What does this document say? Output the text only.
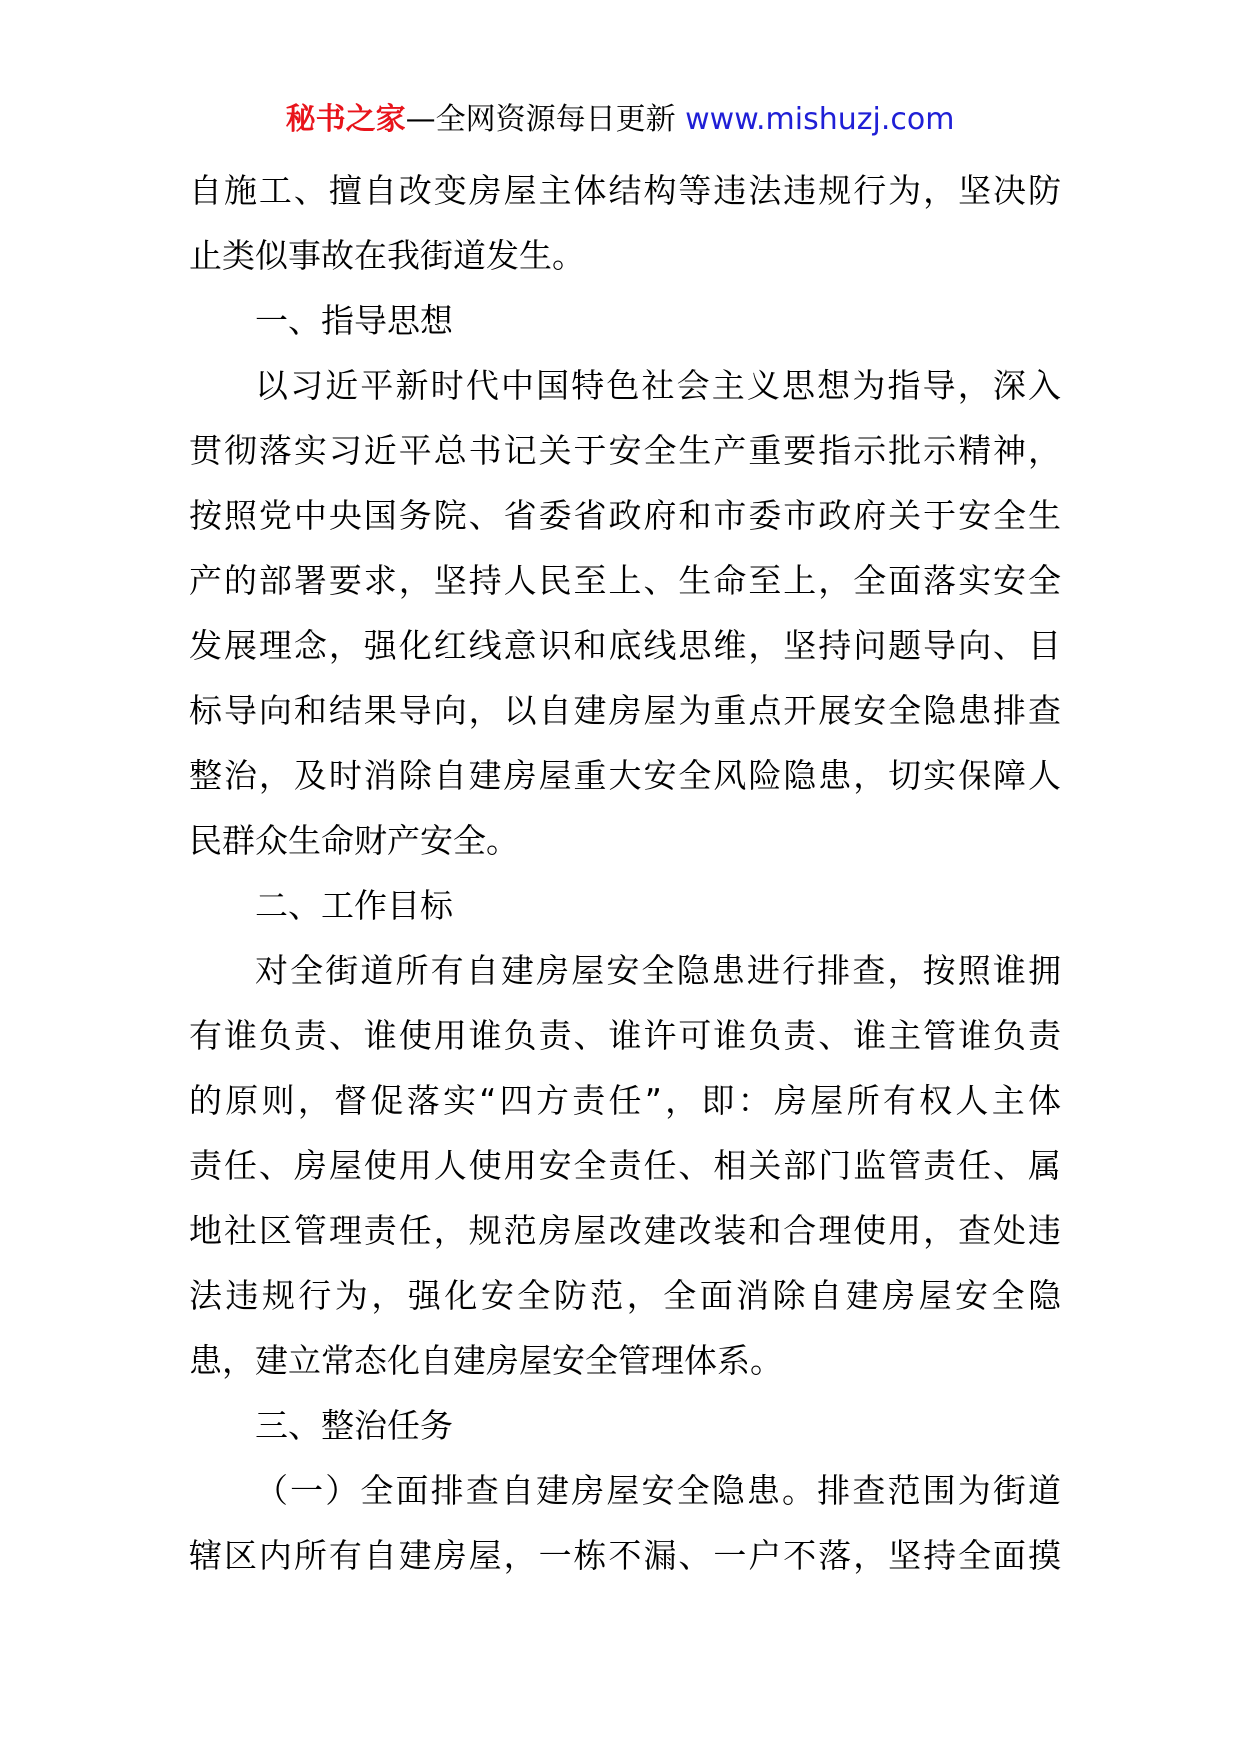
秘书之家—全网资源每日更新 www.mishuzj.com
自施工、擅自改变房屋主体结构等违法违规行为，坚决防
止类似事故在我街道发生。
一、指导思想
以习近平新时代中国特色社会主义思想为指导，深入
贯彻落实习近平总书记关于安全生产重要指示批示精神，
按照党中央国务院、省委省政府和市委市政府关于安全生
产的部署要求，坚持人民至上、生命至上，全面落实安全
发展理念，强化红线意识和底线思维，坚持问题导向、目
标导向和结果导向，以自建房屋为重点开展安全隐患排查
整治，及时消除自建房屋重大安全风险隐患，切实保障人
民群众生命财产安全。
二、工作目标
对全街道所有自建房屋安全隐患进行排查，按照谁拥
有谁负责、谁使用谁负责、谁许可谁负责、谁主管谁负责
的原则，督促落实“四方责任”，即：房屋所有权人主体
责任、房屋使用人使用安全责任、相关部门监管责任、属
地社区管理责任，规范房屋改建改装和合理使用，查处违
法违规行为，强化安全防范，全面消除自建房屋安全隐
患，建立常态化自建房屋安全管理体系。
三、整治任务
（一）全面排查自建房屋安全隐患。排查范围为街道
辖区内所有自建房屋，一栋不漏、一户不落，坚持全面摸
